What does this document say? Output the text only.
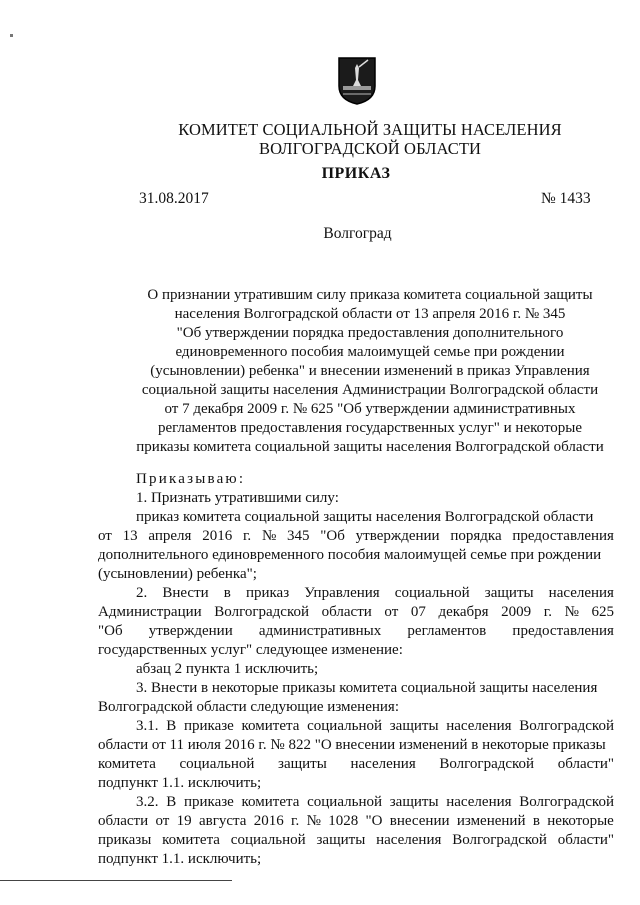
КОМИТЕТ СОЦИАЛЬНОЙ ЗАЩИТЫ НАСЕЛЕНИЯ
ВОЛГОГРАДСКОЙ ОБЛАСТИ
ПРИКАЗ
31.08.2017	№ 1433
Волгоград
О признании утратившим силу приказа комитета социальной защиты
населения Волгоградской области от 13 апреля 2016 г. № 345
"Об утверждении порядка предоставления дополнительного
единовременного пособия малоимущей семье при рождении
(усыновлении) ребенка" и внесении изменений в приказ Управления
социальной защиты населения Администрации Волгоградской области
от 7 декабря 2009 г. № 625 "Об утверждении административных
регламентов предоставления государственных услуг" и некоторые
приказы комитета социальной защиты населения Волгоградской области
Приказываю:
1. Признать утратившими силу:
приказ комитета социальной защиты населения Волгоградской области
от 13 апреля 2016 г. № 345 "Об утверждении порядка предоставления
дополнительного единовременного пособия малоимущей семье при рождении
(усыновлении) ребенка";
2. Внести в приказ Управления социальной защиты населения
Администрации Волгоградской области от 07 декабря 2009 г. № 625
"Об утверждении административных регламентов предоставления
государственных услуг" следующее изменение:
абзац 2 пункта 1 исключить;
3. Внести в некоторые приказы комитета социальной защиты населения
Волгоградской области следующие изменения:
3.1. В приказе комитета социальной защиты населения Волгоградской
области от 11 июля 2016 г. № 822 "О внесении изменений в некоторые приказы
комитета социальной защиты населения Волгоградской области"
подпункт 1.1. исключить;
3.2. В приказе комитета социальной защиты населения Волгоградской
области от 19 августа 2016 г. № 1028 "О внесении изменений в некоторые
приказы комитета социальной защиты населения Волгоградской области"
подпункт 1.1. исключить;
